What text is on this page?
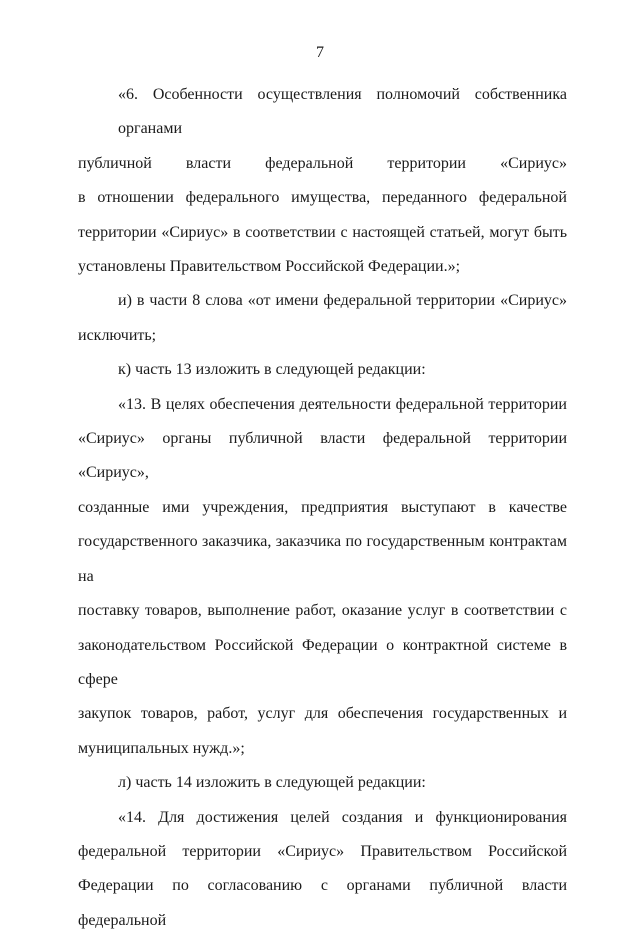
7
«6. Особенности осуществления полномочий собственника органами
публичной власти федеральной территории «Сириус»
в отношении федерального имущества, переданного федеральной
территории «Сириус» в соответствии с настоящей статьей, могут быть
установлены Правительством Российской Федерации.»;
и) в части 8 слова «от имени федеральной территории «Сириус»
исключить;
к) часть 13 изложить в следующей редакции:
«13. В целях обеспечения деятельности федеральной территории
«Сириус» органы публичной власти федеральной территории «Сириус»,
созданные ими учреждения, предприятия выступают в качестве
государственного заказчика, заказчика по государственным контрактам на
поставку товаров, выполнение работ, оказание услуг в соответствии с
законодательством Российской Федерации о контрактной системе в сфере
закупок товаров, работ, услуг для обеспечения государственных и
муниципальных нужд.»;
л) часть 14 изложить в следующей редакции:
«14. Для достижения целей создания и функционирования
федеральной территории «Сириус» Правительством Российской
Федерации по согласованию с органами публичной власти федеральной
